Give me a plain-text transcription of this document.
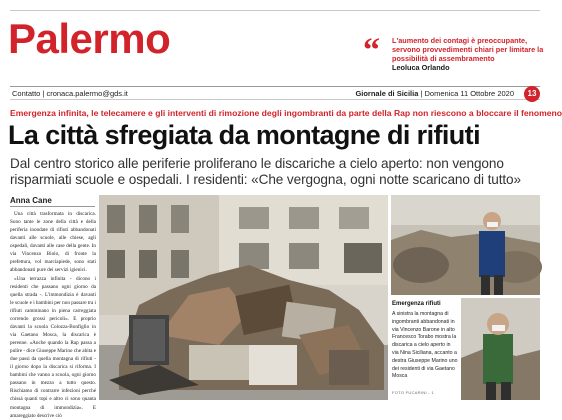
Palermo	“ L'aumento dei contagi è preoccupante, servono provvedimenti chiari per limitare la possibilità di assembramento
Leoluca Orlando
Contatto | cronaca.palermo@gds.it	Giornale di Sicilia | Domenica 11 Ottobre 2020	13
Emergenza infinita, le telecamere e gli interventi di rimozione degli ingombranti da parte della Rap non riescono a bloccare il fenomeno
La città sfregiata da montagne di rifiuti
Dal centro storico alle periferie proliferano le discariche a cielo aperto: non vengono risparmiati scuole e ospedali. I residenti: «Che vergogna, ogni notte scaricano di tutto»
Anna Cane

Una città trasformata in discarica. Sono tante le zone della città e della periferia inondate di rifiuti abbandonati davanti alle scuole, alle chiese, agli ospedali, davanti alle case della gente. In via Vincenzo Biolo, di fronte la prefettura, vol marciapiede, sono stati abbandonati pure dei servizi igienici.

«Una terrazza infinita - dicono i residenti che passano ogni giorno da quella strada -. L'immondizia è davanti le scuole e i bambini per non passare tra i rifiuti camminano in piena carreggiata correndo grossi pericoli». E proprio davanti la scuola Colozza-Bonfiglio in via Gaetano Mosca, la discarica è perenne. «Anche quando la Rap passa a pulire - dice Giuseppe Marino che abita e due passi da quella montagna di rifiuti - il giorno dopo la discarica si riforma. I bambini che vanno a scuola, ogni giorno passano in mezzo a tutto questo. Rischiamo di contrarre infezioni perché chissà quanti topi e altro ci sono quanta montagna di immondizia». E amareggiato descrive ciò

Emergenza rifiuti
A sinistra la montagna di ingombranti abbandonati in via Vincenzo Barone in alto Francesco Torabo mostra la discarica a cielo aperto in via Nina Siciliana, accanto a destra Giuseppe Marino uno dei residenti di via Gaetano Mosca
FOTO FUCARINI - 1
